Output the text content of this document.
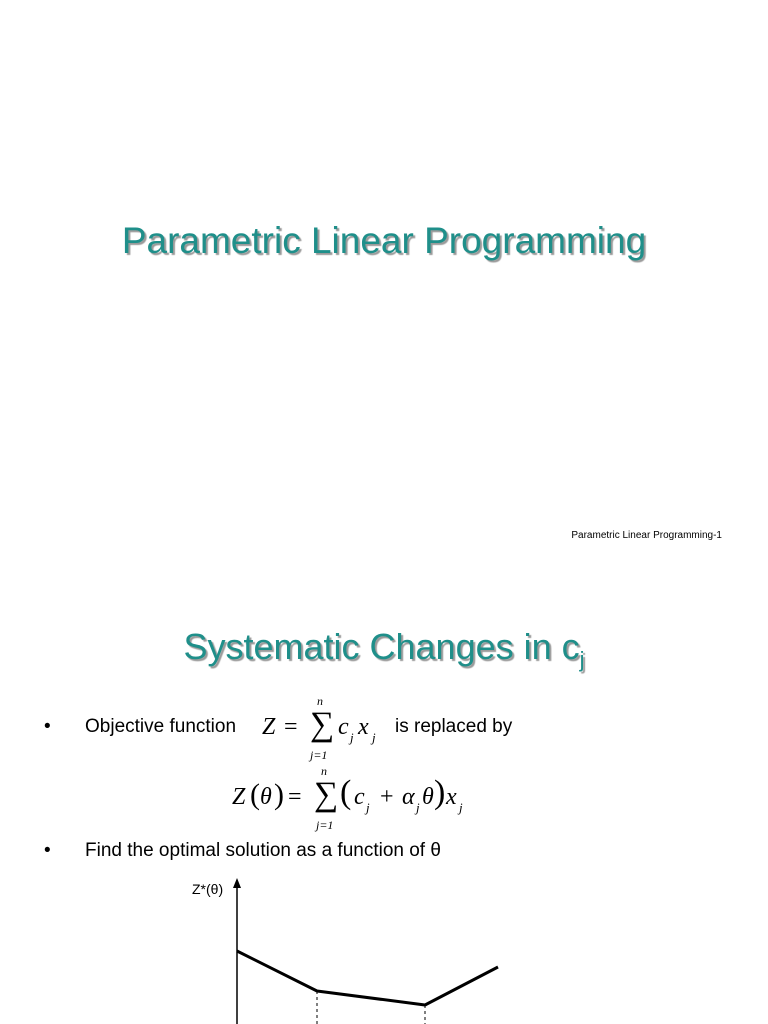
Parametric Linear Programming
Parametric Linear Programming-1
Systematic Changes in $c_j$
• Objective function Z = ∑
n
j=1
c j x j
is replaced by
Z ( θ ) = ∑
n
j=1
( c j + α j θ ) x j
• Find the optimal solution as a function of θ
Z*(θ)
